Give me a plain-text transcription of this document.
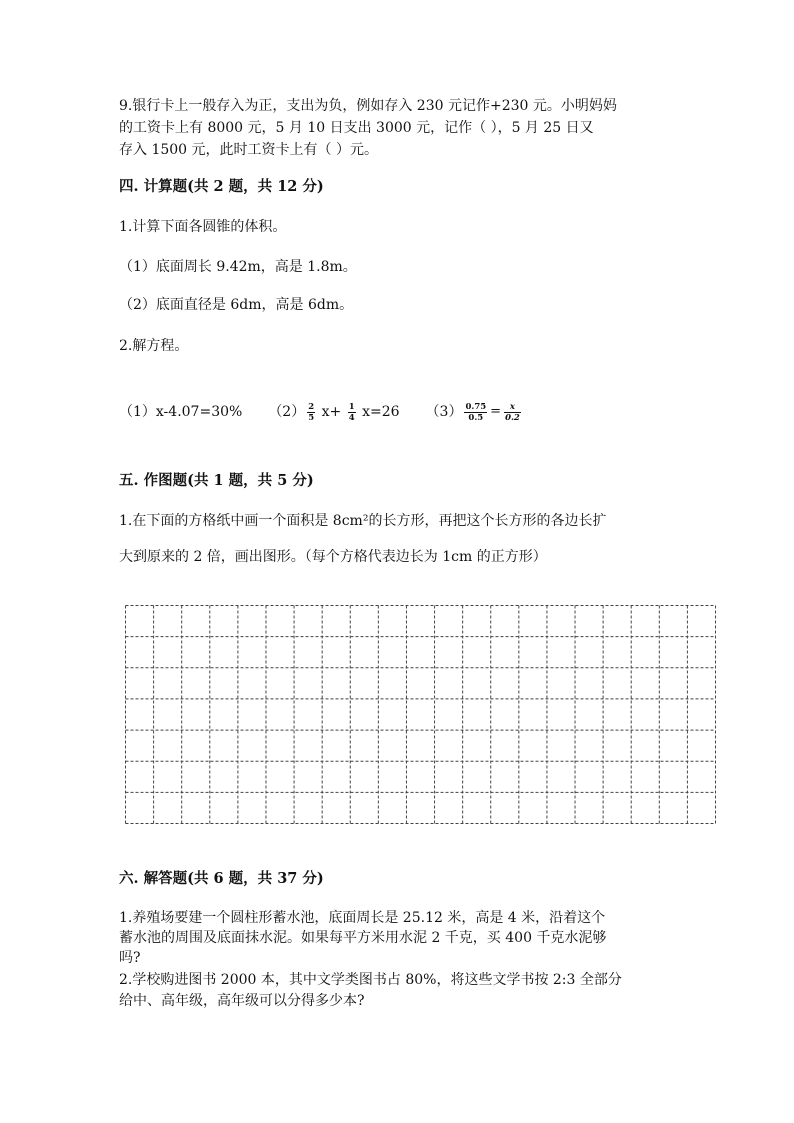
9.银行卡上一般存入为正，支出为负，例如存入 230 元记作+230 元。小明妈妈
的工资卡上有 8000 元，5 月 10 日支出 3000 元，记作（ ），5 月 25 日又
存入 1500 元，此时工资卡上有（ ）元。
四. 计算题(共 2 题，共 12 分)
1.计算下面各圆锥的体积。
（1）底面周长 9.42m，高是 1.8m。
（2）底面直径是 6dm，高是 6dm。
2.解方程。
（1）x-4.07=30% $(2) \frac{2}{5} x+ \frac{1}{4} x=26$ $(3) \frac{0.75}{0.5} = \frac{x}{0.2}$
五. 作图题(共 1 题，共 5 分)
1.在下面的方格纸中画一个面积是 8cm²的长方形，再把这个长方形的各边长扩
大到原来的 2 倍，画出图形。（每个方格代表边长为 1cm 的正方形）
六. 解答题(共 6 题，共 37 分)
1.养殖场要建一个圆柱形蓄水池，底面周长是 25.12 米，高是 4 米，沿着这个
蓄水池的周围及底面抹水泥。如果每平方米用水泥 2 千克，买 400 千克水泥够
吗?
2.学校购进图书 2000 本，其中文学类图书占 80%，将这些文学书按 2:3 全部分
给中、高年级，高年级可以分得多少本?
